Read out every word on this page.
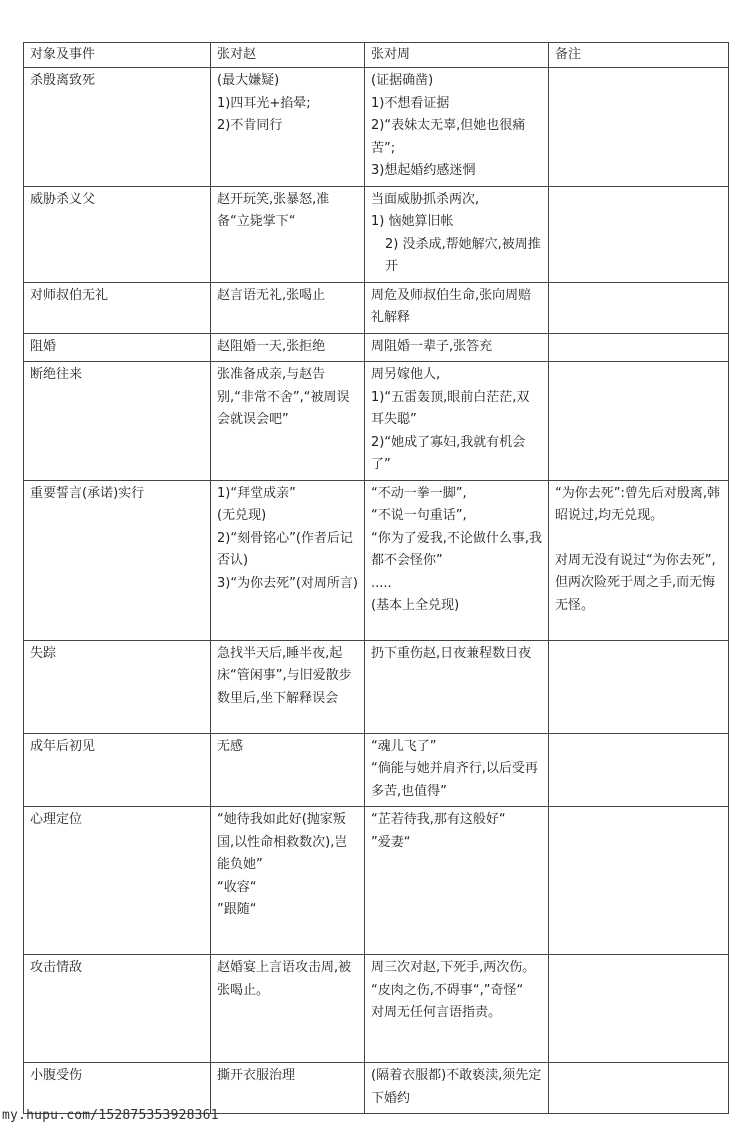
对象及事件	张对赵	张对周	备注

杀殷离致死	(最大嫌疑)
1)四耳光+掐晕;
2)不肯同行	(证据确凿)
1)不想看证据
2)“表妹太无辜,但她也很痛苦”;
3)想起婚约感迷惘	

威胁杀义父	赵开玩笑,张暴怒,准备“立毙掌下“	当面威胁抓杀两次,
1) 恼她算旧帐
2) 没杀成,帮她解穴,被周推开	

对师叔伯无礼	赵言语无礼,张喝止	周危及师叔伯生命,张向周赔礼解释	

阻婚	赵阻婚一天,张拒绝	周阻婚一辈子,张答充	

断绝往来	张准备成亲,与赵告别,“非常不舍”,“被周误会就误会吧”	周另嫁他人,
1)“五雷轰顶,眼前白茫茫,双耳失聪”
2)“她成了寡妇,我就有机会了”	

重要誓言(承诺)实行	1)“拜堂成亲”
(无兑现)
2)“刻骨铭心”(作者后记否认)
3)“为你去死”(对周所言)	“不动一拳一脚”,
“不说一句重话”,
“你为了爱我,不论做什么事,我都不会怪你”
.....
(基本上全兑现)	“为你去死”:曾先后对殷离,韩昭说过,均无兑现。
对周无没有说过“为你去死”,但两次险死于周之手,而无悔无怪。

失踪	急找半天后,睡半夜,起床“管闲事”,与旧爱散步数里后,坐下解释误会	扔下重伤赵,日夜兼程数日夜	

成年后初见	无感	“魂儿飞了”
“倘能与她并肩齐行,以后受再多苦,也值得”	

心理定位	“她待我如此好(抛家叛国,以性命相救数次),岂能负她”
“收容“
”跟随“	“芷若待我,那有这般好“
”爱妻“	

攻击情敌	赵婚宴上言语攻击周,被张喝止。	周三次对赵,下死手,两次伤。
“皮肉之伤,不碍事“,”奇怪“
对周无任何言语指责。	

小腹受伤	撕开衣服治理	(隔着衣服都)不敢亵渎,须先定下婚约	

my.hupu.com/152875353928361
